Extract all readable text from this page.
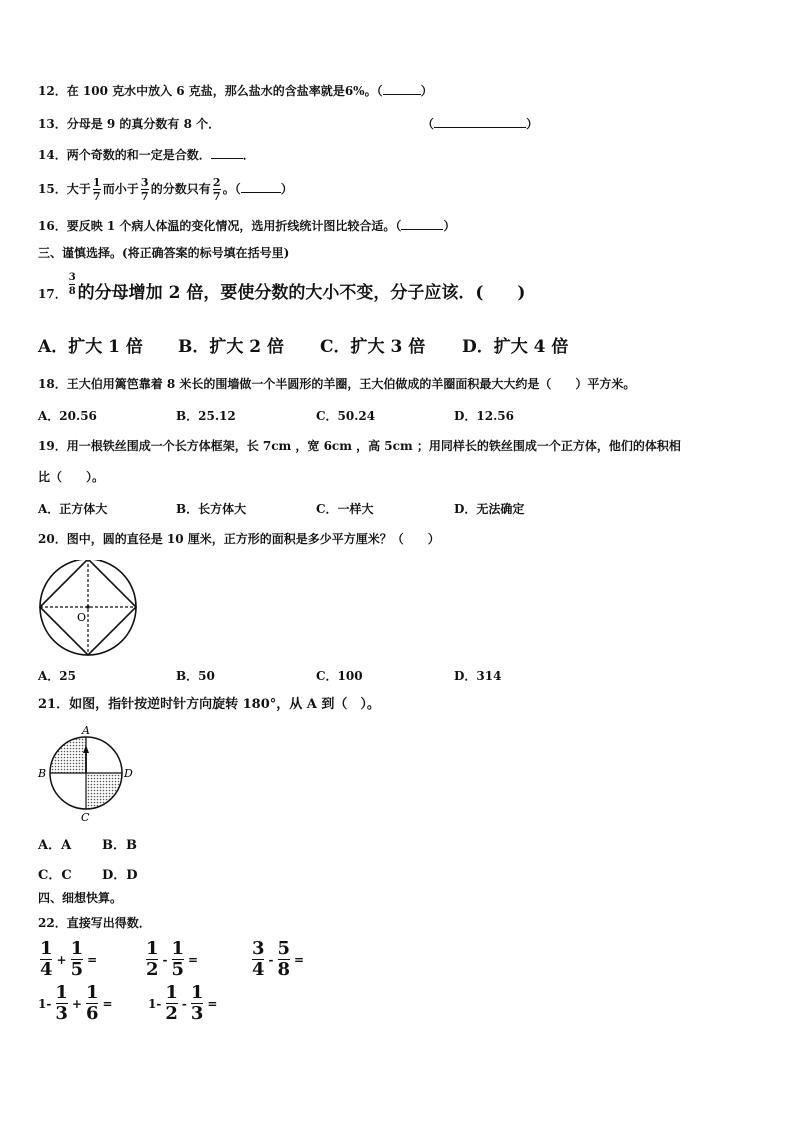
12．在 100 克水中放入 6 克盐，那么盐水的含盐率就是6%。（	）
13．分母是 9 的真分数有 8 个．	（	）
14．两个奇数的和一定是合数．	．
15．大于 $\frac{1}{7}$ 而小于 $\frac{3}{7}$ 的分数只有 $\frac{2}{7}$ 。（	）
16．要反映 1 个病人体温的变化情况，选用折线统计图比较合适。（	）
三、谨慎选择。(将正确答案的标号填在括号里)
17． $\frac{3}{8}$ 的分母增加 2 倍，要使分数的大小不变，分子应该．(　　)
A．扩大 1 倍 B．扩大 2 倍 C．扩大 3 倍 D．扩大 4 倍
18．王大伯用篱笆靠着 8 米长的围墙做一个半圆形的羊圈，王大伯做成的羊圈面积最大大约是（　　）平方米。
A．20.56	B．25.12	C．50.24	D．12.56
19．用一根铁丝围成一个长方体框架，长 7cm ，宽 6cm ，高 5cm ；用同样长的铁丝围成一个正方体，他们的体积相
比（　　）。
A．正方体大	B．长方体大	C．一样大	D．无法确定
20．图中，圆的直径是 10 厘米，正方形的面积是多少平方厘米？（　　）
O
A．25	B．50	C．100	D．314
21．如图，指针按逆时针方向旋转 180°，从 A 到（　）。
A
B
C
D
A．A B．B
C．C D．D
四、细想快算。
22．直接写出得数．
$\frac{1}{4} + \frac{1}{5}$ =	$\frac{1}{2} - \frac{1}{5}$ =	$\frac{3}{4} - \frac{5}{8}$ =
$1- \frac{1}{3} + \frac{1}{6}$ =	$1- \frac{1}{2} - \frac{1}{3}$ =
